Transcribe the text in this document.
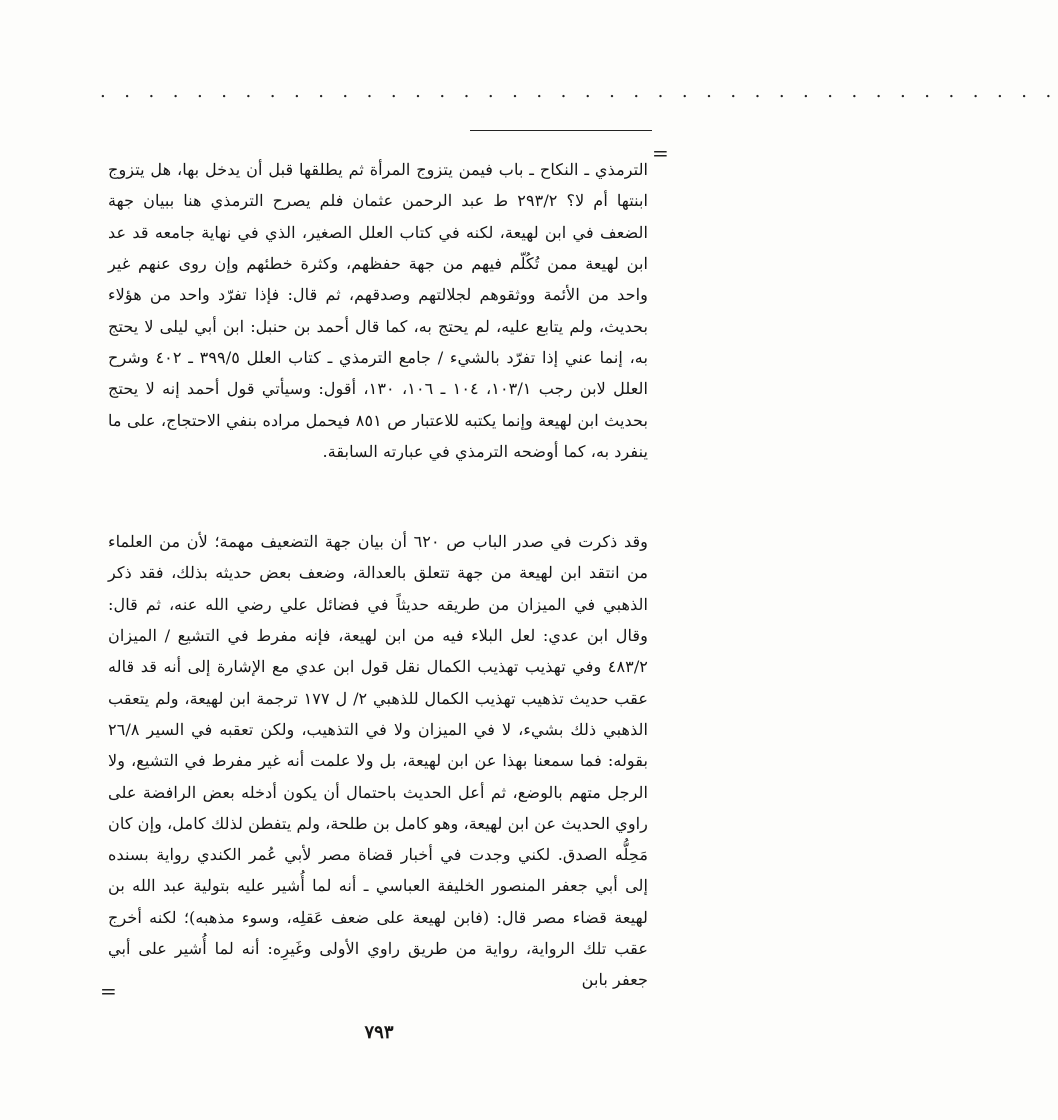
. . . . . . . . . . . . . . . . . . . . . . . . . . . . . . . . . . . . . . . .
=

الترمذي ـ النكاح ـ باب فيمن يتزوج المرأة ثم يطلقها قبل أن يدخل بها، هل يتزوج ابنتها أم لا؟ ٢٩٣/٢ ط عبد الرحمن عثمان فلم يصرح الترمذي هنا ببيان جهة الضعف في ابن لهيعة، لكنه في كتاب العلل الصغير، الذي في نهاية جامعه قد عد ابن لهيعة ممن تُكُلّم فيهم من جهة حفظهم، وكثرة خطئهم وإن روى عنهم غير واحد من الأئمة ووثقوهم لجلالتهم وصدقهم، ثم قال: فإذا تفرّد واحد من هؤلاء بحديث، ولم يتابع عليه، لم يحتج به، كما قال أحمد بن حنبل: ابن أبي ليلى لا يحتج به، إنما عني إذا تفرّد بالشيء / جامع الترمذي ـ كتاب العلل ٣٩٩/٥ ـ ٤٠٢ وشرح العلل لابن رجب ١٠٣/١، ١٠٤ ـ ١٠٦، ١٣٠، أقول: وسيأتي قول أحمد إنه لا يحتج بحديث ابن لهيعة وإنما يكتبه للاعتبار ص ٨٥١ فيحمل مراده بنفي الاحتجاج، على ما ينفرد به، كما أوضحه الترمذي في عبارته السابقة.

وقد ذكرت في صدر الباب ص ٦٢٠ أن بيان جهة التضعيف مهمة؛ لأن من العلماء من انتقد ابن لهيعة من جهة تتعلق بالعدالة، وضعف بعض حديثه بذلك، فقد ذكر الذهبي في الميزان من طريقه حديثاً في فضائل علي رضي الله عنه، ثم قال: وقال ابن عدي: لعل البلاء فيه من ابن لهيعة، فإنه مفرط في التشيع / الميزان ٤٨٣/٢ وفي تهذيب تهذيب الكمال نقل قول ابن عدي مع الإشارة إلى أنه قد قاله عقب حديث تذهيب تهذيب الكمال للذهبي ٢/ ل ١٧٧ ترجمة ابن لهيعة، ولم يتعقب الذهبي ذلك بشيء، لا في الميزان ولا في التذهيب، ولكن تعقبه في السير ٢٦/٨ بقوله: فما سمعنا بهذا عن ابن لهيعة، بل ولا علمت أنه غير مفرط في التشيع، ولا الرجل متهم بالوضع، ثم أعل الحديث باحتمال أن يكون أدخله بعض الرافضة على راوي الحديث عن ابن لهيعة، وهو كامل بن طلحة، ولم يتفطن لذلك كامل، وإن كان مَحِلُّه الصدق. لكني وجدت في أخبار قضاة مصر لأبي عُمر الكندي رواية بسنده إلى أبي جعفر المنصور الخليفة العباسي ـ أنه لما أُشير عليه بتولية عبد الله بن لهيعة قضاء مصر قال: (فابن لهيعة على ضعف عَقلِه، وسوء مذهبه)؛ لكنه أخرج عقب تلك الرواية، رواية من طريق راوي الأولى وغَيرِه: أنه لما أُشير على أبي جعفر بابن

=
٧٩٣
